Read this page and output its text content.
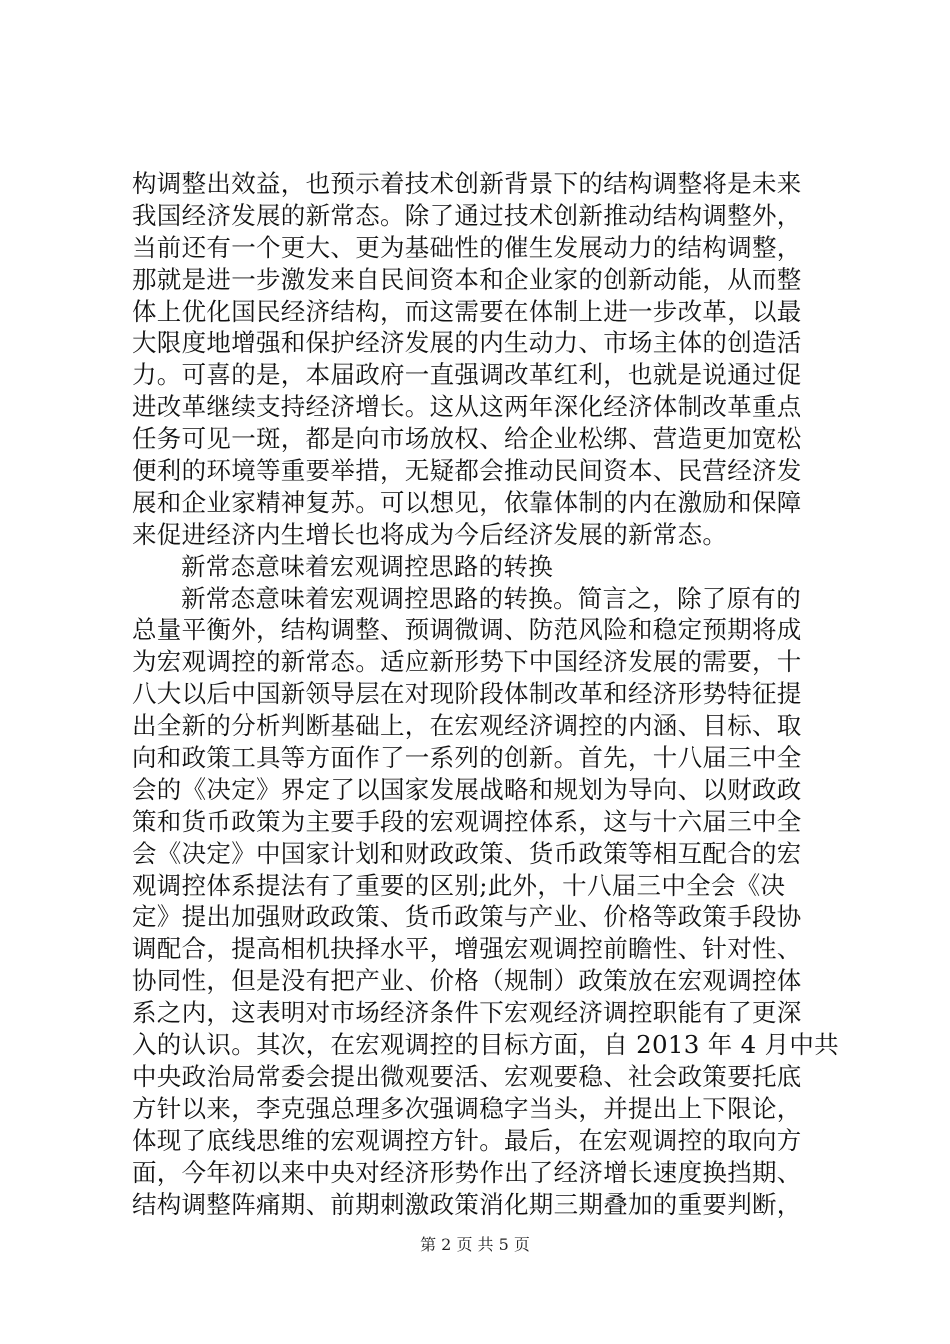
构调整出效益，也预示着技术创新背景下的结构调整将是未来
我国经济发展的新常态。除了通过技术创新推动结构调整外，
当前还有一个更大、更为基础性的催生发展动力的结构调整，
那就是进一步激发来自民间资本和企业家的创新动能，从而整
体上优化国民经济结构，而这需要在体制上进一步改革，以最
大限度地增强和保护经济发展的内生动力、市场主体的创造活
力。可喜的是，本届政府一直强调改革红利，也就是说通过促
进改革继续支持经济增长。这从这两年深化经济体制改革重点
任务可见一斑，都是向市场放权、给企业松绑、营造更加宽松
便利的环境等重要举措，无疑都会推动民间资本、民营经济发
展和企业家精神复苏。可以想见，依靠体制的内在激励和保障
来促进经济内生增长也将成为今后经济发展的新常态。
新常态意味着宏观调控思路的转换
新常态意味着宏观调控思路的转换。简言之，除了原有的
总量平衡外，结构调整、预调微调、防范风险和稳定预期将成
为宏观调控的新常态。适应新形势下中国经济发展的需要，十
八大以后中国新领导层在对现阶段体制改革和经济形势特征提
出全新的分析判断基础上，在宏观经济调控的内涵、目标、取
向和政策工具等方面作了一系列的创新。首先，十八届三中全
会的《决定》界定了以国家发展战略和规划为导向、以财政政
策和货币政策为主要手段的宏观调控体系，这与十六届三中全
会《决定》中国家计划和财政政策、货币政策等相互配合的宏
观调控体系提法有了重要的区别;此外，十八届三中全会《决
定》提出加强财政政策、货币政策与产业、价格等政策手段协
调配合，提高相机抉择水平，增强宏观调控前瞻性、针对性、
协同性，但是没有把产业、价格（规制）政策放在宏观调控体
系之内，这表明对市场经济条件下宏观经济调控职能有了更深
入的认识。其次，在宏观调控的目标方面，自 2013 年 4 月中共
中央政治局常委会提出微观要活、宏观要稳、社会政策要托底
方针以来，李克强总理多次强调稳字当头，并提出上下限论，
体现了底线思维的宏观调控方针。最后，在宏观调控的取向方
面，今年初以来中央对经济形势作出了经济增长速度换挡期、
结构调整阵痛期、前期刺激政策消化期三期叠加的重要判断，
第 2 页 共 5 页
